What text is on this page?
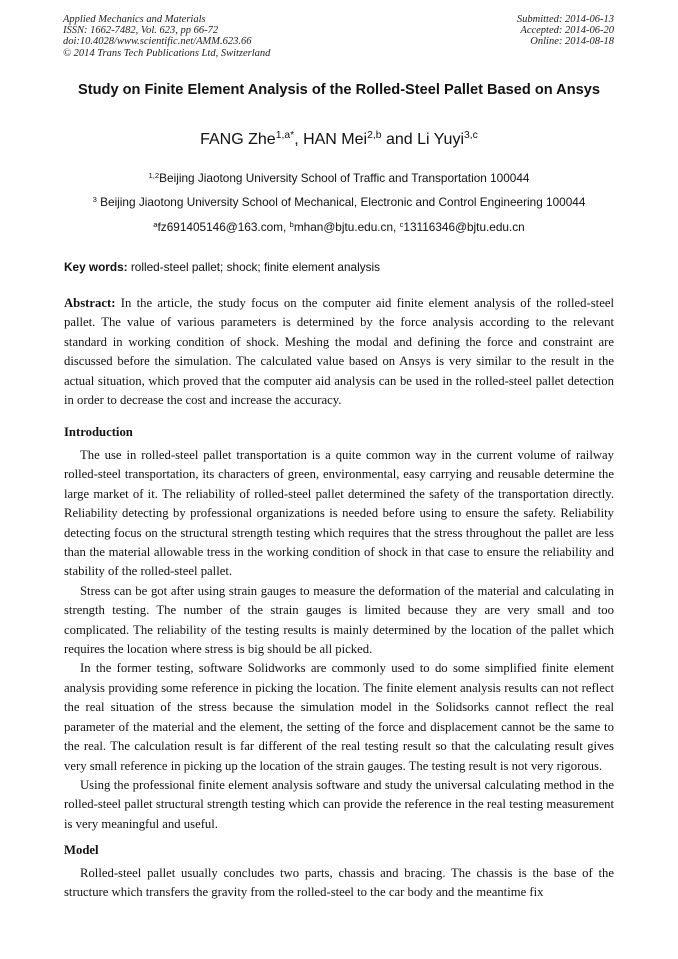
Applied Mechanics and Materials
ISSN: 1662-7482, Vol. 623, pp 66-72
doi:10.4028/www.scientific.net/AMM.623.66
© 2014 Trans Tech Publications Ltd, Switzerland
Submitted: 2014-06-13
Accepted: 2014-06-20
Online: 2014-08-18
Study on Finite Element Analysis of the Rolled-Steel Pallet Based on Ansys
FANG Zhe$^{1,a*}$, HAN Mei$^{2,b}$ and Li Yuyi$^{3,c}$
$^{1,2}$Beijing Jiaotong University School of Traffic and Transportation 100044
$^3$ Beijing Jiaotong University School of Mechanical, Electronic and Control Engineering 100044
$^a$fz691405146@163.com, $^b$mhan@bjtu.edu.cn, $^c$13116346@bjtu.edu.cn
Key words: rolled-steel pallet; shock; finite element analysis
Abstract: In the article, the study focus on the computer aid finite element analysis of the rolled-steel pallet. The value of various parameters is determined by the force analysis according to the relevant standard in working condition of shock. Meshing the modal and defining the force and constraint are discussed before the simulation. The calculated value based on Ansys is very similar to the result in the actual situation, which proved that the computer aid analysis can be used in the rolled-steel pallet detection in order to decrease the cost and increase the accuracy.
Introduction

The use in rolled-steel pallet transportation is a quite common way in the current volume of railway rolled-steel transportation, its characters of green, environmental, easy carrying and reusable determine the large market of it. The reliability of rolled-steel pallet determined the safety of the transportation directly. Reliability detecting by professional organizations is needed before using to ensure the safety. Reliability detecting focus on the structural strength testing which requires that the stress throughout the pallet are less than the material allowable tress in the working condition of shock in that case to ensure the reliability and stability of the rolled-steel pallet.

Stress can be got after using strain gauges to measure the deformation of the material and calculating in strength testing. The number of the strain gauges is limited because they are very small and too complicated. The reliability of the testing results is mainly determined by the location of the pallet which requires the location where stress is big should be all picked.

In the former testing, software Solidworks are commonly used to do some simplified finite element analysis providing some reference in picking the location. The finite element analysis results can not reflect the real situation of the stress because the simulation model in the Solidsorks cannot reflect the real parameter of the material and the element, the setting of the force and displacement cannot be the same to the real. The calculation result is far different of the real testing result so that the calculating result gives very small reference in picking up the location of the strain gauges. The testing result is not very rigorous.

Using the professional finite element analysis software and study the universal calculating method in the rolled-steel pallet structural strength testing which can provide the reference in the real testing measurement is very meaningful and useful.

Model

Rolled-steel pallet usually concludes two parts, chassis and bracing. The chassis is the base of the structure which transfers the gravity from the rolled-steel to the car body and the meantime fix
